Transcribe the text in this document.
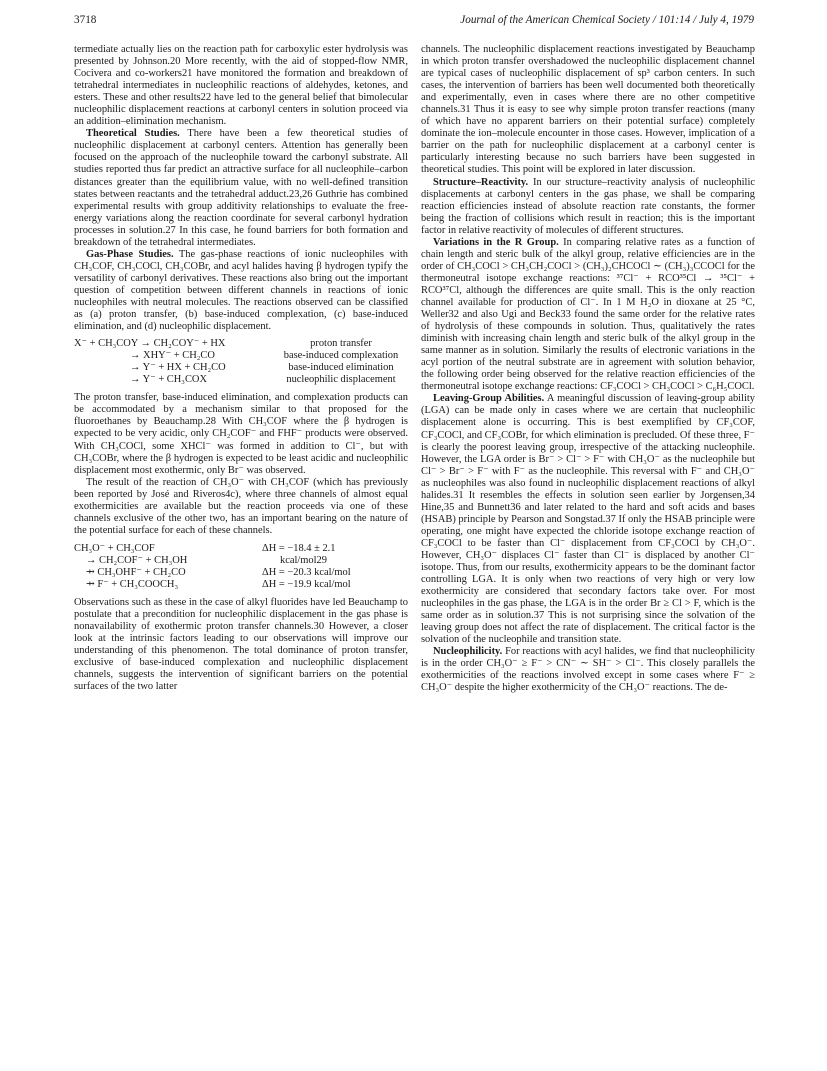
3718	Journal of the American Chemical Society / 101:14 / July 4, 1979

termediate actually lies on the reaction path for carboxylic ester hydrolysis was presented by Johnson.20 More recently, with the aid of stopped-flow NMR, Cocivera and co-workers21 have monitored the formation and breakdown of tetrahedral intermediates in nucleophilic reactions of aldehydes, ketones, and esters. These and other results22 have led to the general belief that bimolecular nucleophilic displacement reactions at carbonyl centers in solution proceed via an addition–elimination mechanism.

Theoretical Studies. There have been a few theoretical studies of nucleophilic displacement at carbonyl centers. Attention has generally been focused on the approach of the nucleophile toward the carbonyl substrate. All studies reported thus far predict an attractive surface for all nucleophile–carbon distances greater than the equilibrium value, with no well-defined transition states between reactants and the tetrahedral adduct.23,26 Guthrie has combined experimental results with group additivity relationships to evaluate the free-energy variations along the reaction coordinate for several carbonyl hydration processes in solution.27 In this case, he found barriers for both formation and breakdown of the tetrahedral intermediates.

Gas-Phase Studies. The gas-phase reactions of ionic nucleophiles with CH₃COF, CH₃COCl, CH₃COBr, and acyl halides having β hydrogen typify the versatility of carbonyl derivatives. These reactions also bring out the important question of competition between different channels in reactions of ionic nucleophiles with neutral molecules. The reactions observed can be classified as (a) proton transfer, (b) base-induced complexation, (c) base-induced elimination, and (d) nucleophilic displacement.

X⁻ + CH₃COY → CH₂COY⁻ + HX	proton transfer
→ XHY⁻ + CH₂CO	base-induced complexation
→ Y⁻ + HX + CH₂CO	base-induced elimination
→ Y⁻ + CH₃COX	nucleophilic displacement

The proton transfer, base-induced elimination, and complexation products can be accommodated by a mechanism similar to that proposed for the fluoroethanes by Beauchamp.28 With CH₃COF where the β hydrogen is expected to be very acidic, only CH₂COF⁻ and FHF⁻ products were observed. With CH₃COCl, some XHCl⁻ was formed in addition to Cl⁻, but with CH₃COBr, where the β hydrogen is expected to be least acidic and nucleophilic displacement most exothermic, only Br⁻ was observed.

The result of the reaction of CH₃O⁻ with CH₃COF (which has previously been reported by José and Riveros4c), where three channels of almost equal exothermicities are available but the reaction proceeds via one of these channels exclusive of the other two, has an important bearing on the nature of the potential surface for each of these channels.

CH₃O⁻ + CH₃COF	ΔH = −18.4 ± 2.1
→ CH₂COF⁻ + CH₃OH	kcal/mol29
⇸ CH₃OHF⁻ + CH₂CO	ΔH = −20.3 kcal/mol
⇸ F⁻ + CH₃COOCH₃	ΔH = −19.9 kcal/mol

Observations such as these in the case of alkyl fluorides have led Beauchamp to postulate that a precondition for nucleophilic displacement in the gas phase is nonavailability of exothermic proton transfer channels.30 However, a closer look at the intrinsic factors leading to our observations will improve our understanding of this phenomenon. The total dominance of proton transfer, exclusive of base-induced complexation and nucleophilic displacement channels, suggests the intervention of significant barriers on the potential surfaces of the two latter

channels. The nucleophilic displacement reactions investigated by Beauchamp in which proton transfer overshadowed the nucleophilic displacement channel are typical cases of nucleophilic displacement of sp³ carbon centers. In such cases, the intervention of barriers has been well documented both theoretically and experimentally, even in cases where there are no other competitive channels.31 Thus it is easy to see why simple proton transfer reactions (many of which have no apparent barriers on their potential surface) completely dominate the ion–molecule encounter in those cases. However, implication of a barrier on the path for nucleophilic displacement at a carbonyl center is particularly interesting because no such barriers have been suggested in theoretical studies. This point will be explored in later discussion.

Structure–Reactivity. In our structure–reactivity analysis of nucleophilic displacements at carbonyl centers in the gas phase, we shall be comparing reaction efficiencies instead of absolute reaction rate constants, the former being the fraction of collisions which result in reaction; this is the important factor in relative reactivity of molecules of different structures.

Variations in the R Group. In comparing relative rates as a function of chain length and steric bulk of the alkyl group, relative efficiencies are in the order of CH₃COCl > CH₃CH₂COCl > (CH₃)₂CHCOCl ∼ (CH₃)₃CCOCl for the thermoneutral isotope exchange reactions: ³⁷Cl⁻ + RCO³⁵Cl → ³⁵Cl⁻ + RCO³⁷Cl, although the differences are quite small. This is the only reaction channel available for production of Cl⁻. In 1 M H₂O in dioxane at 25 °C, Weller32 and also Ugi and Beck33 found the same order for the relative rates of hydrolysis of these compounds in solution. Thus, qualitatively the rates diminish with increasing chain length and steric bulk of the alkyl group in the same manner as in solution. Similarly the results of electronic variations in the acyl portion of the neutral substrate are in agreement with solution behavior, the following order being observed for the relative reaction efficiencies of the thermoneutral isotope exchange reactions: CF₃COCl > CH₃COCl > C₆H₅COCl.

Leaving-Group Abilities. A meaningful discussion of leaving-group ability (LGA) can be made only in cases where we are certain that nucleophilic displacement alone is occurring. This is best exemplified by CF₃COF, CF₃COCl, and CF₃COBr, for which elimination is precluded. Of these three, F⁻ is clearly the poorest leaving group, irrespective of the attacking nucleophile. However, the LGA order is Br⁻ > Cl⁻ > F⁻ with CH₃O⁻ as the nucleophile but Cl⁻ > Br⁻ > F⁻ with F⁻ as the nucleophile. This reversal with F⁻ and CH₃O⁻ as nucleophiles was also found in nucleophilic displacement reactions of alkyl halides.31 It resembles the effects in solution seen earlier by Jorgensen,34 Hine,35 and Bunnett36 and later related to the hard and soft acids and bases (HSAB) principle by Pearson and Songstad.37 If only the HSAB principle were operating, one might have expected the chloride isotope exchange reaction of CF₃COCl to be faster than Cl⁻ displacement from CF₃COCl by CH₃O⁻. However, CH₃O⁻ displaces Cl⁻ faster than Cl⁻ is displaced by another Cl⁻ isotope. Thus, from our results, exothermicity appears to be the dominant factor controlling LGA. It is only when two reactions of very high or very low exothermicity are considered that secondary factors take over. For most nucleophiles in the gas phase, the LGA is in the order Br ≥ Cl > F, which is the same order as in solution.37 This is not surprising since the solvation of the leaving group does not affect the rate of displacement. The critical factor is the solvation of the nucleophile and transition state.

Nucleophilicity. For reactions with acyl halides, we find that nucleophilicity is in the order CH₃O⁻ ≥ F⁻ > CN⁻ ∼ SH⁻ > Cl⁻. This closely parallels the exothermicities of the reactions involved except in some cases where F⁻ ≥ CH₃O⁻ despite the higher exothermicity of the CH₃O⁻ reactions. The de-
